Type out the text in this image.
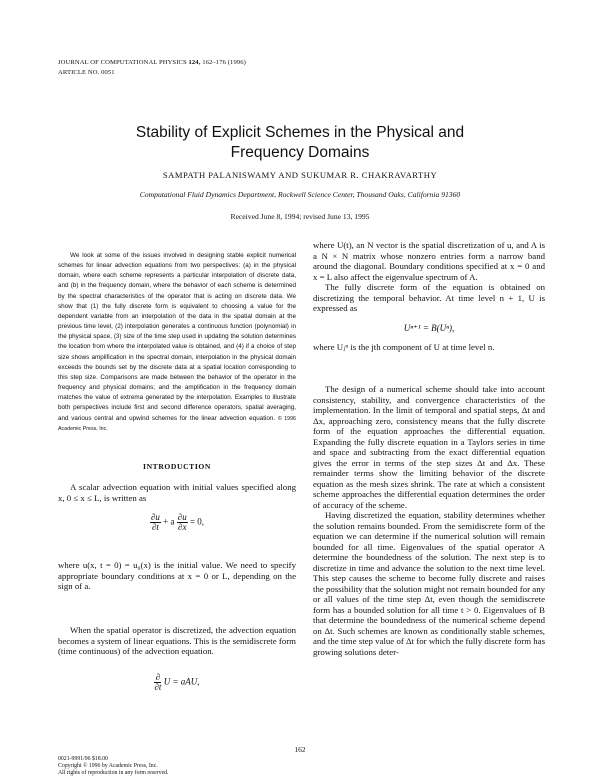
JOURNAL OF COMPUTATIONAL PHYSICS 124, 162–176 (1996)
ARTICLE NO. 0051
Stability of Explicit Schemes in the Physical and
Frequency Domains
SAMPATH PALANISWAMY AND SUKUMAR R. CHAKRAVARTHY
Computational Fluid Dynamics Department, Rockwell Science Center, Thousand Oaks, California 91360
Received June 8, 1994; revised June 13, 1995
We look at some of the issues involved in designing stable explicit numerical schemes for linear advection equations from two perspectives: (a) in the physical domain, where each scheme represents a particular interpolation of discrete data, and (b) in the frequency domain, where the behavior of each scheme is determined by the spectral characteristics of the operator that is acting on discrete data. We show that (1) the fully discrete form is equivalent to choosing a value for the dependent variable from an interpolation of the data in the spatial domain at the previous time level, (2) interpolation generates a continuous function (polynomial) in the physical space, (3) size of the time step used in updating the solution determines the location from where the interpolated value is obtained, and (4) if a choice of step size shows amplification in the spectral domain, interpolation in the physical domain exceeds the bounds set by the discrete data at a spatial location corresponding to this step size. Comparisons are made between the behavior of the operator in the frequency and physical domains; and the amplification in the frequency domain matches the value of extrema generated by the interpolation. Examples to illustrate both perspectives include first and second difference operators, spatial averaging, and various central and upwind schemes for the linear advection equation. © 1996 Academic Press, Inc.
INTRODUCTION

A scalar advection equation with initial values specified along x, 0 ≤ x ≤ L, is written as

$\frac{\partial u}{\partial t} + a \frac{\partial u}{\partial x} = 0$,

where u(x, t = 0) = u₀(x) is the initial value. We need to specify appropriate boundary conditions at x = 0 or L, depending on the sign of a.

When the spatial operator is discretized, the advection equation becomes a system of linear equations. This is the semidiscrete form (time continuous) of the advection equation.

$\frac{\partial}{\partial t}$ U = aAU,

where U(t), an N vector is the spatial discretization of u, and A is a N × N matrix whose nonzero entries form a narrow band around the diagonal. Boundary conditions specified at x = 0 and x = L also affect the eigenvalue spectrum of A.

The fully discrete form of the equation is obtained on discretizing the temporal behavior. At time level n + 1, U is expressed as

Uⁿ⁺¹ = B(Uⁿ),

where Uⱼⁿ is the jth component of U at time level n.

The design of a numerical scheme should take into account consistency, stability, and convergence characteristics of the implementation. In the limit of temporal and spatial steps, Δt and Δx, approaching zero, consistency means that the fully discrete form of the equation approaches the differential equation. Expanding the fully discrete equation in a Taylors series in time and space and subtracting from the exact differential equation gives the error in terms of the step sizes Δt and Δx. These remainder terms show the limiting behavior of the discrete equation as the mesh sizes shrink. The rate at which a consistent scheme approaches the differential equation determines the order of accuracy of the scheme.

Having discretized the equation, stability determines whether the solution remains bounded. From the semidiscrete form of the equation we can determine if the numerical solution will remain bounded for all time. Eigenvalues of the spatial operator A determine the boundedness of the solution. The next step is to discretize in time and advance the solution to the next time level. This step causes the scheme to become fully discrete and raises the possibility that the solution might not remain bounded for any or all values of the time step Δt, even though the semidiscrete form has a bounded solution for all time t > 0. Eigenvalues of B that determine the boundedness of the numerical scheme depend on Δt. Such schemes are known as conditionally stable schemes, and the time step value of Δt for which the fully discrete form has growing solutions deter-

162
0021-9991/96 $18.00
Copyright © 1996 by Academic Press, Inc.
All rights of reproduction in any form reserved.
